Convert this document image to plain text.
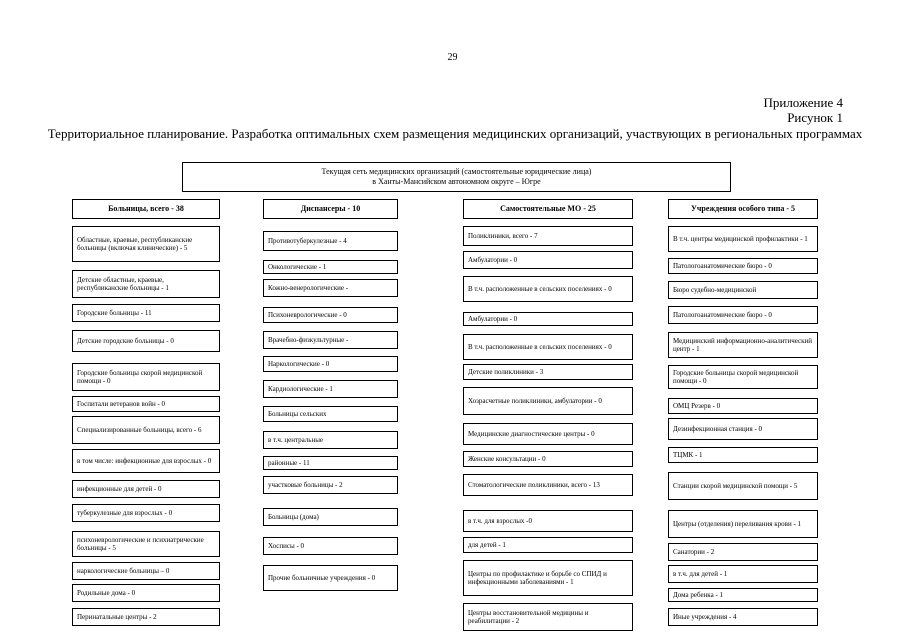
29
Приложение 4
Рисунок 1
Территориальное планирование. Разработка оптимальных схем размещения медицинских организаций, участвующих в региональных программах
Текущая сеть медицинских организаций (самостоятельные юридические лица)
в Ханты-Мансийском автономном округе – Югре
Больницы, всего - 38
Областные, краевые, республиканские больницы (включая клинические) - 5
Детские областные, краевые, республиканские больницы - 1
Городские больницы - 11
Детские городские больницы - 0
Городские больницы скорой медицинской помощи - 0
Госпитали ветеранов войн - 0
Специализированные больницы, всего - 6
в том числе: инфекционные для взрослых - 0
инфекционные для детей - 0
туберкулезные для взрослых - 0
психоневрологические и психиатрические больницы - 5
наркологические больницы – 0
Родильные дома - 0
Перинатальные центры - 2
Диспансеры - 10
Противотуберкулезные - 4
Онкологические - 1
Кожно-венерологические -
Психоневрологические - 0
Врачебно-физкультурные -
Наркологические - 0
Кардиологические - 1
Больницы сельских
в т.ч. центральные
районные - 11
участковые больницы - 2
Больницы (дома)
Хосписы - 0
Прочие больничные учреждения - 0
Самостоятельные МО - 25
Поликлиники, всего - 7
Амбулатории - 0
В т.ч. расположенные в сельских поселениях - 0
Амбулатории - 0
В т.ч. расположенные в сельских поселениях - 0
Детские поликлиники - 3
Хозрасчетные поликлиники, амбулатории - 0
Медицинские диагностические центры - 0
Женские консультации - 0
Стоматологические поликлиники, всего - 13
в т.ч. для взрослых -0
для детей - 1
Центры по профилактике и борьбе со СПИД и инфекционными заболеваниями - 1
Центры восстановительной медицины и реабилитации - 2
Учреждения особого типа - 5
В т.ч. центры медицинской профилактики - 1
Патологоанатомические бюро - 0
Бюро судебно-медицинской
Патологоанатомические бюро - 0
Медицинский информационно-аналитический центр - 1
Городские больницы скорой медицинской помощи - 0
ОМЦ Резерв - 0
Дезинфекционная станция - 0
ТЦМК - 1
Станции скорой медицинской помощи - 5
Центры (отделения) переливания крови - 1
Санатории - 2
в т.ч. для детей - 1
Дома ребенка - 1
Иные учреждения - 4
